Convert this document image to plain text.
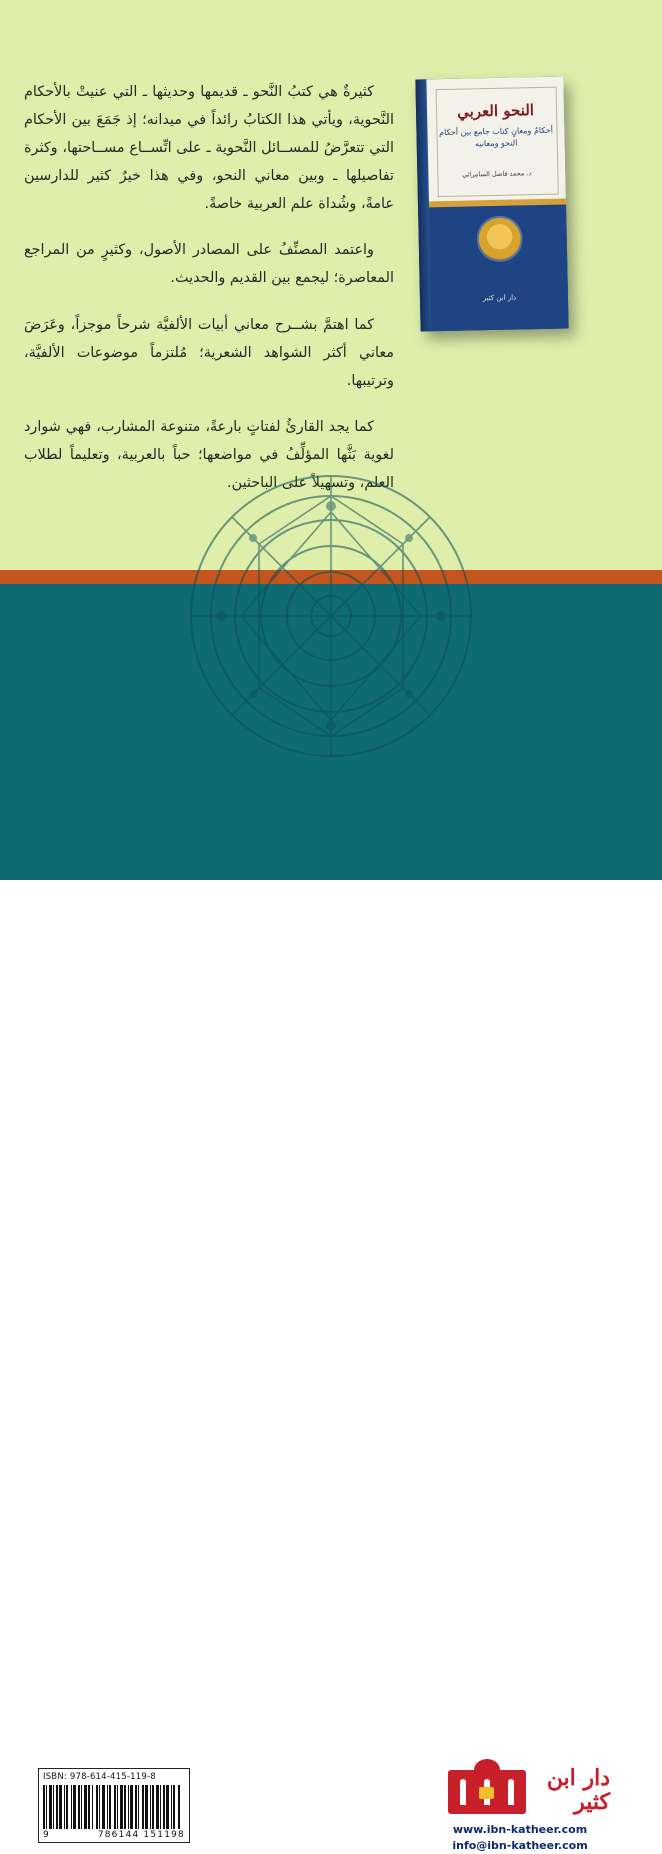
كثيرةٌ هي كتبُ النَّحو ـ قديمها وحديثها ـ التي عنيتْ بالأحكام النَّحوية، ويأتي هذا الكتابُ رائداً في ميدانه؛ إذ جَمَعَ بين الأحكام التي تتعرَّضُ للمســائل النَّحوية ـ على اتِّســاع مســاحتها، وكثرة تفاصيلها ـ وبين معاني النحو، وفي هذا خيرٌ كثير للدارسين عامةً، وشُداة علم العربية خاصةً.

واعتمد المصنِّفُ على المصادر الأصول، وكثيرٍ من المراجع المعاصرة؛ ليجمع بين القديم والحديث.

كما اهتمَّ بشــرح معاني أبيات الألفيَّة شرحاً موجزاً، وعَرَضَ معاني أكثر الشواهد الشعرية؛ مُلتزماً موضوعات الألفيَّة، وترتيبها.

كما يجد القارئُ لفتاتٍ بارعةً، متنوعة المشارب، فهي شوارد لغوية بَثَّها المؤلِّفُ في مواضعها؛ حباً بالعربية، وتعليماً لطلاب العلم، وتسهيلاً على الباحثين.

النحو العربي
أحكامٌ ومعانٍ كتاب جامع بين أحكام النحو ومعانيه
د. محمد فاضل السامرائي
دار ابن كثير
ISBN: 978-614-415-119-8
9	786144 151198
دار ابن كثير
www.ibn-katheer.com
info@ibn-katheer.com
